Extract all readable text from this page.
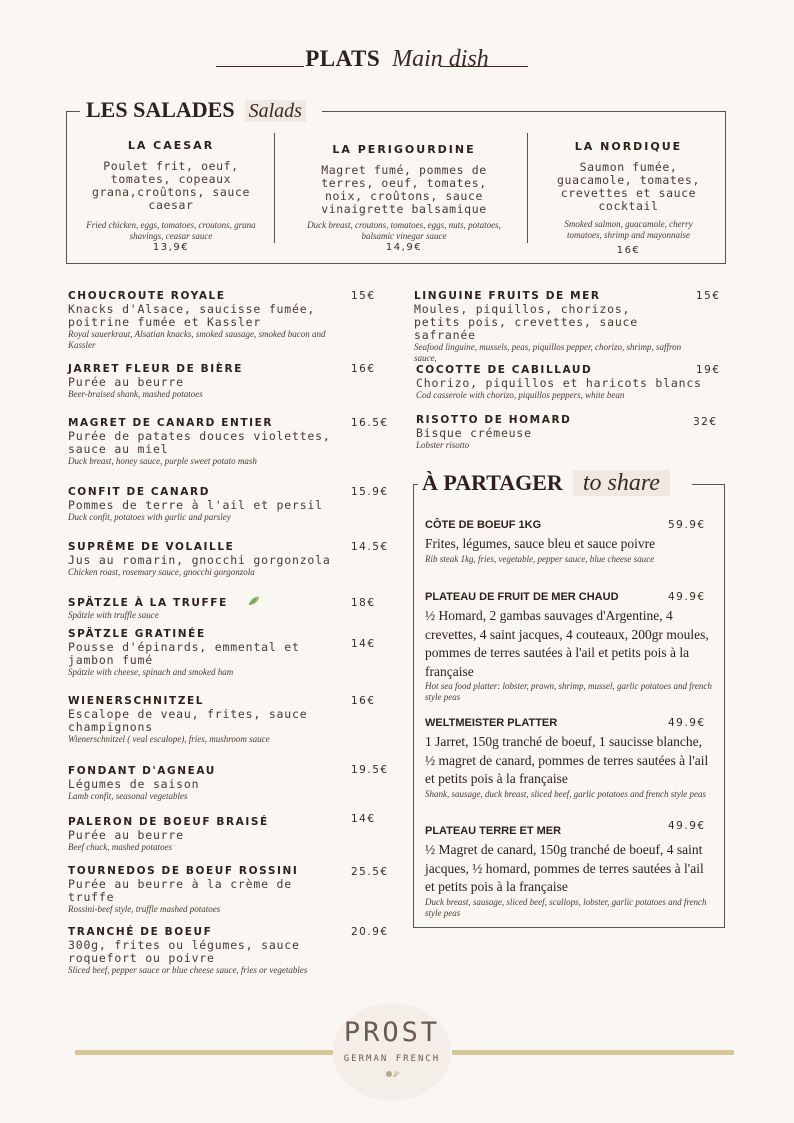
PLATS Main dish
LES SALADES Salads
LA CAESAR
Poulet frit, oeuf, tomates, copeaux grana,croûtons, sauce caesar
Fried chicken, eggs, tomatoes, croutons, grana shavings, ceasar sauce
13,9€
LA PERIGOURDINE
Magret fumé, pommes de terres, oeuf, tomates, noix, croûtons, sauce vinaigrette balsamique
Duck breast, croutons, tomatoes, eggs, nuts, potatoes, balsamic vinegar sauce
14,9€
LA NORDIQUE
Saumon fumée, guacamole, tomates, crevettes et sauce cocktail
Smoked salmon, guacamole, cherry tomatoes, shrimp and mayonnaise
16€
CHOUCROUTE ROYALE
Knacks d'Alsace, saucisse fumée, poitrine fumée et Kassler
Royal sauerkraut, Alsatian knacks, smoked sausage, smoked bacon and Kassler
15€
JARRET FLEUR DE BIÈRE
Purée au beurre
Beer-braised shank, mashed potatoes
16€
MAGRET DE CANARD ENTIER
Purée de patates douces violettes, sauce au miel
Duck breast, honey sauce, purple sweet potato mash
16.5€
CONFIT DE CANARD
Pommes de terre à l'ail et persil
Duck confit, potatoes with garlic and parsley
15.9€
SUPRÊME DE VOLAILLE
Jus au romarin, gnocchi gorgonzola
Chicken roast, rosemary sauce, gnocchi gorgonzola
14.5€
SPÄTZLE À LA TRUFFE
Spätzle with truffle sauce
18€
SPÄTZLE GRATINÉE
Pousse d'épinards, emmental et jambon fumé
Spätzle with cheese, spinach and smoked ham
14€
WIENERSCHNITZEL
Escalope de veau, frites, sauce champignons
Wienerschnitzel ( veal escalope), fries, mushroom sauce
16€
FONDANT D'AGNEAU
Légumes de saison
Lamb confit, seasonal vegetables
19.5€
PALERON DE BOEUF BRAISÉ
Purée au beurre
Beef chuck, mashed potatoes
14€
TOURNEDOS DE BOEUF ROSSINI
Purée au beurre à la crème de truffe
Rossini-beef style, truffle mashed potatoes
25.5€
TRANCHÉ DE BOEUF
300g, frites ou légumes, sauce roquefort ou poivre
Sliced beef, pepper sauce or blue cheese sauce, fries or vegetables
20.9€
LINGUINE FRUITS DE MER
Moules, piquillos, chorizos, petits pois, crevettes, sauce safranée
Seafood linguine, mussels, peas, piquillos pepper, chorizo, shrimp, saffron sauce,
15€
COCOTTE DE CABILLAUD
Chorizo, piquillos et haricots blancs
Cod casserole with chorizo, piquillos peppers, white bean
19€
RISOTTO DE HOMARD
Bisque crémeuse
Lobster risotto
32€
À PARTAGER to share
CÔTE DE BOEUF 1KG
Frites, légumes, sauce bleu et sauce poivre
Rib steak 1kg, fries, vegetable, pepper sauce, blue cheese sauce
59.9€
PLATEAU DE FRUIT DE MER CHAUD
½ Homard, 2 gambas sauvages d'Argentine, 4 crevettes, 4 saint jacques, 4 couteaux, 200gr moules, pommes de terres sautées à l'ail et petits pois à la française
Hot sea food platter: lobster, prawn, shrimp, mussel, garlic potatoes and french style peas
49.9€
WELTMEISTER PLATTER
1 Jarret, 150g tranché de boeuf, 1 saucisse blanche, ½ magret de canard, pommes de terres sautées à l'ail et petits pois à la française
Shank, sausage, duck breast, sliced beef, garlic potatoes and french style peas
49.9€
PLATEAU TERRE ET MER
½ Magret de canard, 150g tranché de boeuf, 4 saint jacques, ½ homard, pommes de terres sautées à l'ail et petits pois à la française
Duck breast, sausage, sliced beef, scallops, lobster, garlic potatoes and french style peas
49.9€
PROST
GERMAN FRENCH
